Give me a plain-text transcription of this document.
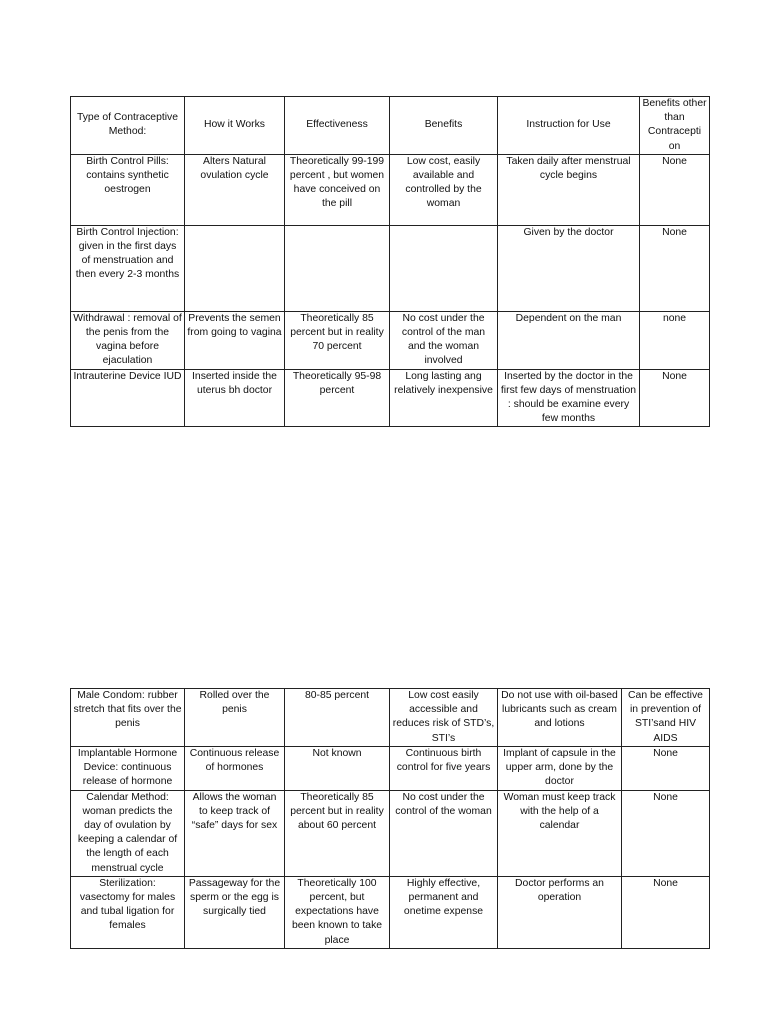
Type of Contraceptive Method:	How it Works	Effectiveness	Benefits	Instruction for Use	Benefits other than Contracepti on
Birth Control Pills: contains synthetic oestrogen	Alters Natural ovulation cycle	Theoretically 99-199 percent , but women have conceived on the pill	Low cost, easily available and controlled by the woman	Taken daily after menstrual cycle begins	None
Birth Control Injection: given in the first days of menstruation and then every 2-3 months				Given by the doctor	None
Withdrawal : removal of the penis from the vagina before ejaculation	Prevents the semen from going to vagina	Theoretically 85 percent but in reality 70 percent	No cost under the control of the man and the woman involved	Dependent on the man	none
Intrauterine Device IUD	Inserted inside the uterus bh doctor	Theoretically 95-98 percent	Long lasting ang relatively inexpensive	Inserted by the doctor in the first few days of menstruation : should be examine every few months	None
Male Condom: rubber stretch that fits over the penis	Rolled over the penis	80-85 percent	Low cost easily accessible and reduces risk of STD’s, STI’s	Do not use with oil-based lubricants such as cream and lotions	Can be effective in prevention of STI’sand HIV AIDS
Implantable Hormone Device: continuous release of hormone	Continuous release of hormones	Not known	Continuous birth control for five years	Implant of capsule in the upper arm, done by the doctor	None
Calendar Method: woman predicts the day of ovulation by keeping a calendar of the length of each menstrual cycle	Allows the woman to keep track of “safe” days for sex	Theoretically 85 percent but in reality about 60 percent	No cost under the control of the woman	Woman must keep track with the help of a calendar	None
Sterilization: vasectomy for males and tubal ligation for females	Passageway for the sperm or the egg is surgically tied	Theoretically 100 percent, but expectations have been known to take place	Highly effective, permanent and onetime expense	Doctor performs an operation	None
